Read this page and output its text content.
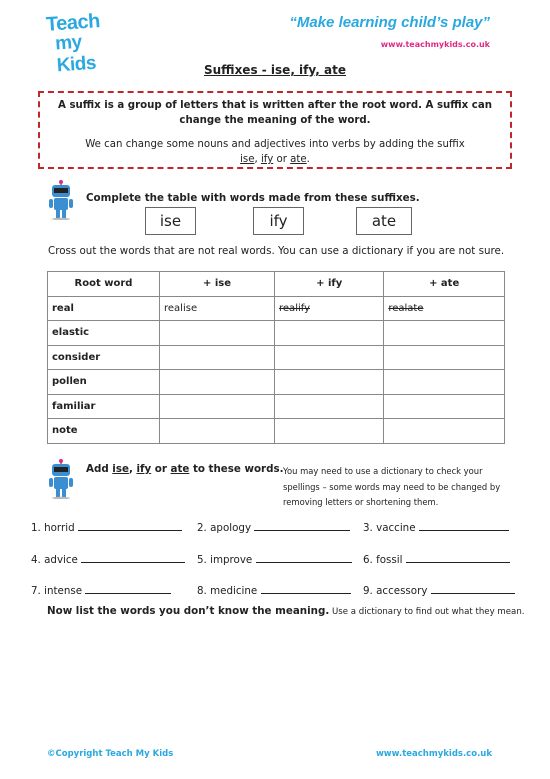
Teach
my Kids
“Make learning child’s play”
www.teachmykids.co.uk
Suffixes - ise, ify, ate
A suffix is a group of letters that is written after the root word. A suffix can change the meaning of the word.
We can change some nouns and adjectives into verbs by adding the suffix
ise, ify or ate.
Complete the table with words made from these suffixes.
ise	ify	ate
Cross out the words that are not real words. You can use a dictionary if you are not sure.
Root word	+ ise	+ ify	+ ate
real	realise	realify	realate
elastic			
consider			
pollen			
familiar			
note			
Add ise, ify or ate to these words. You may need to use a dictionary to check your spellings – some words may need to be changed by removing letters or shortening them.
1. horrid	2. apology	3. vaccine
4. advice	5. improve	6. fossil
7. intense	8. medicine	9. accessory
Now list the words you don’t know the meaning. Use a dictionary to find out what they mean.
©Copyright Teach My Kids	www.teachmykids.co.uk
